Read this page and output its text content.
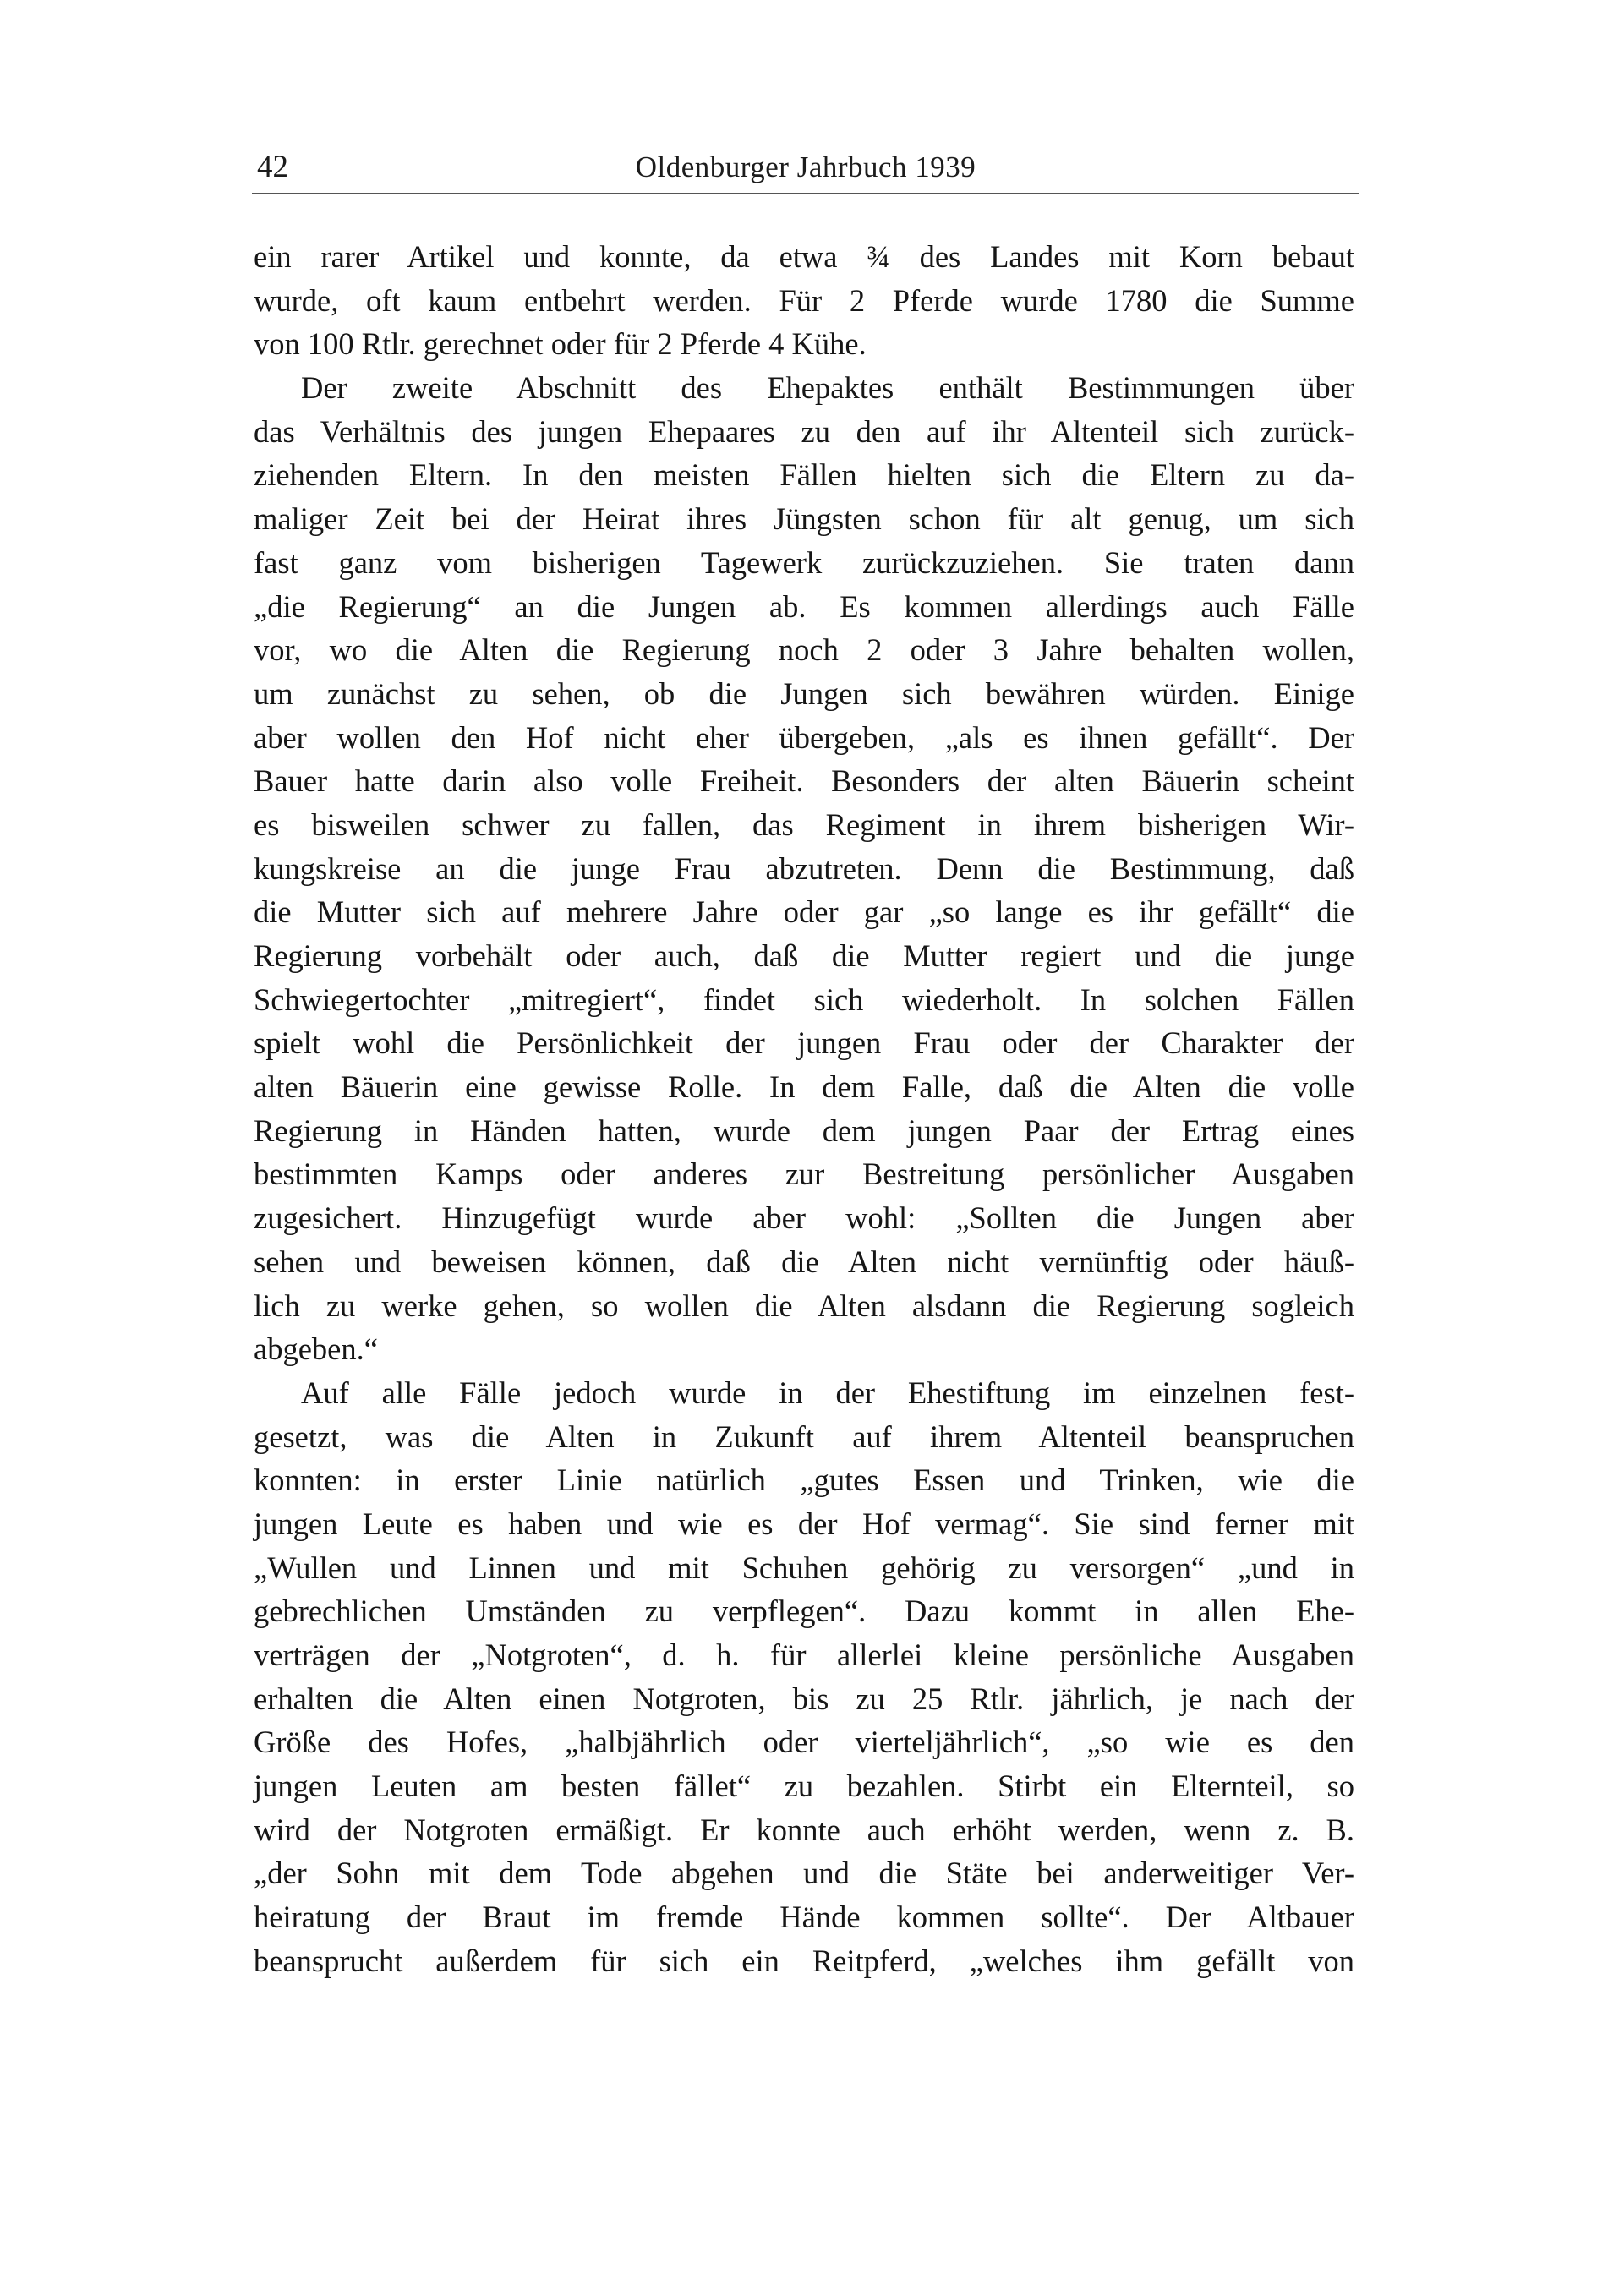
42	Oldenburger Jahrbuch 1939
ein rarer Artikel und konnte, da etwa ¾ des Landes mit Korn bebaut
wurde, oft kaum entbehrt werden. Für 2 Pferde wurde 1780 die Summe
von 100 Rtlr. gerechnet oder für 2 Pferde 4 Kühe.
Der zweite Abschnitt des Ehepaktes enthält Bestimmungen über
das Verhältnis des jungen Ehepaares zu den auf ihr Altenteil sich zurück-
ziehenden Eltern. In den meisten Fällen hielten sich die Eltern zu da-
maliger Zeit bei der Heirat ihres Jüngsten schon für alt genug, um sich
fast ganz vom bisherigen Tagewerk zurückzuziehen. Sie traten dann
„die Regierung“ an die Jungen ab. Es kommen allerdings auch Fälle
vor, wo die Alten die Regierung noch 2 oder 3 Jahre behalten wollen,
um zunächst zu sehen, ob die Jungen sich bewähren würden. Einige
aber wollen den Hof nicht eher übergeben, „als es ihnen gefällt“. Der
Bauer hatte darin also volle Freiheit. Besonders der alten Bäuerin scheint
es bisweilen schwer zu fallen, das Regiment in ihrem bisherigen Wir-
kungskreise an die junge Frau abzutreten. Denn die Bestimmung, daß
die Mutter sich auf mehrere Jahre oder gar „so lange es ihr gefällt“ die
Regierung vorbehält oder auch, daß die Mutter regiert und die junge
Schwiegertochter „mitregiert“, findet sich wiederholt. In solchen Fällen
spielt wohl die Persönlichkeit der jungen Frau oder der Charakter der
alten Bäuerin eine gewisse Rolle. In dem Falle, daß die Alten die volle
Regierung in Händen hatten, wurde dem jungen Paar der Ertrag eines
bestimmten Kamps oder anderes zur Bestreitung persönlicher Ausgaben
zugesichert. Hinzugefügt wurde aber wohl: „Sollten die Jungen aber
sehen und beweisen können, daß die Alten nicht vernünftig oder häuß-
lich zu werke gehen, so wollen die Alten alsdann die Regierung sogleich
abgeben.“
Auf alle Fälle jedoch wurde in der Ehestiftung im einzelnen fest-
gesetzt, was die Alten in Zukunft auf ihrem Altenteil beanspruchen
konnten: in erster Linie natürlich „gutes Essen und Trinken, wie die
jungen Leute es haben und wie es der Hof vermag“. Sie sind ferner mit
„Wullen und Linnen und mit Schuhen gehörig zu versorgen“ „und in
gebrechlichen Umständen zu verpflegen“. Dazu kommt in allen Ehe-
verträgen der „Notgroten“, d. h. für allerlei kleine persönliche Ausgaben
erhalten die Alten einen Notgroten, bis zu 25 Rtlr. jährlich, je nach der
Größe des Hofes, „halbjährlich oder vierteljährlich“, „so wie es den
jungen Leuten am besten fället“ zu bezahlen. Stirbt ein Elternteil, so
wird der Notgroten ermäßigt. Er konnte auch erhöht werden, wenn z. B.
„der Sohn mit dem Tode abgehen und die Stäte bei anderweitiger Ver-
heiratung der Braut im fremde Hände kommen sollte“. Der Altbauer
beansprucht außerdem für sich ein Reitpferd, „welches ihm gefällt von
